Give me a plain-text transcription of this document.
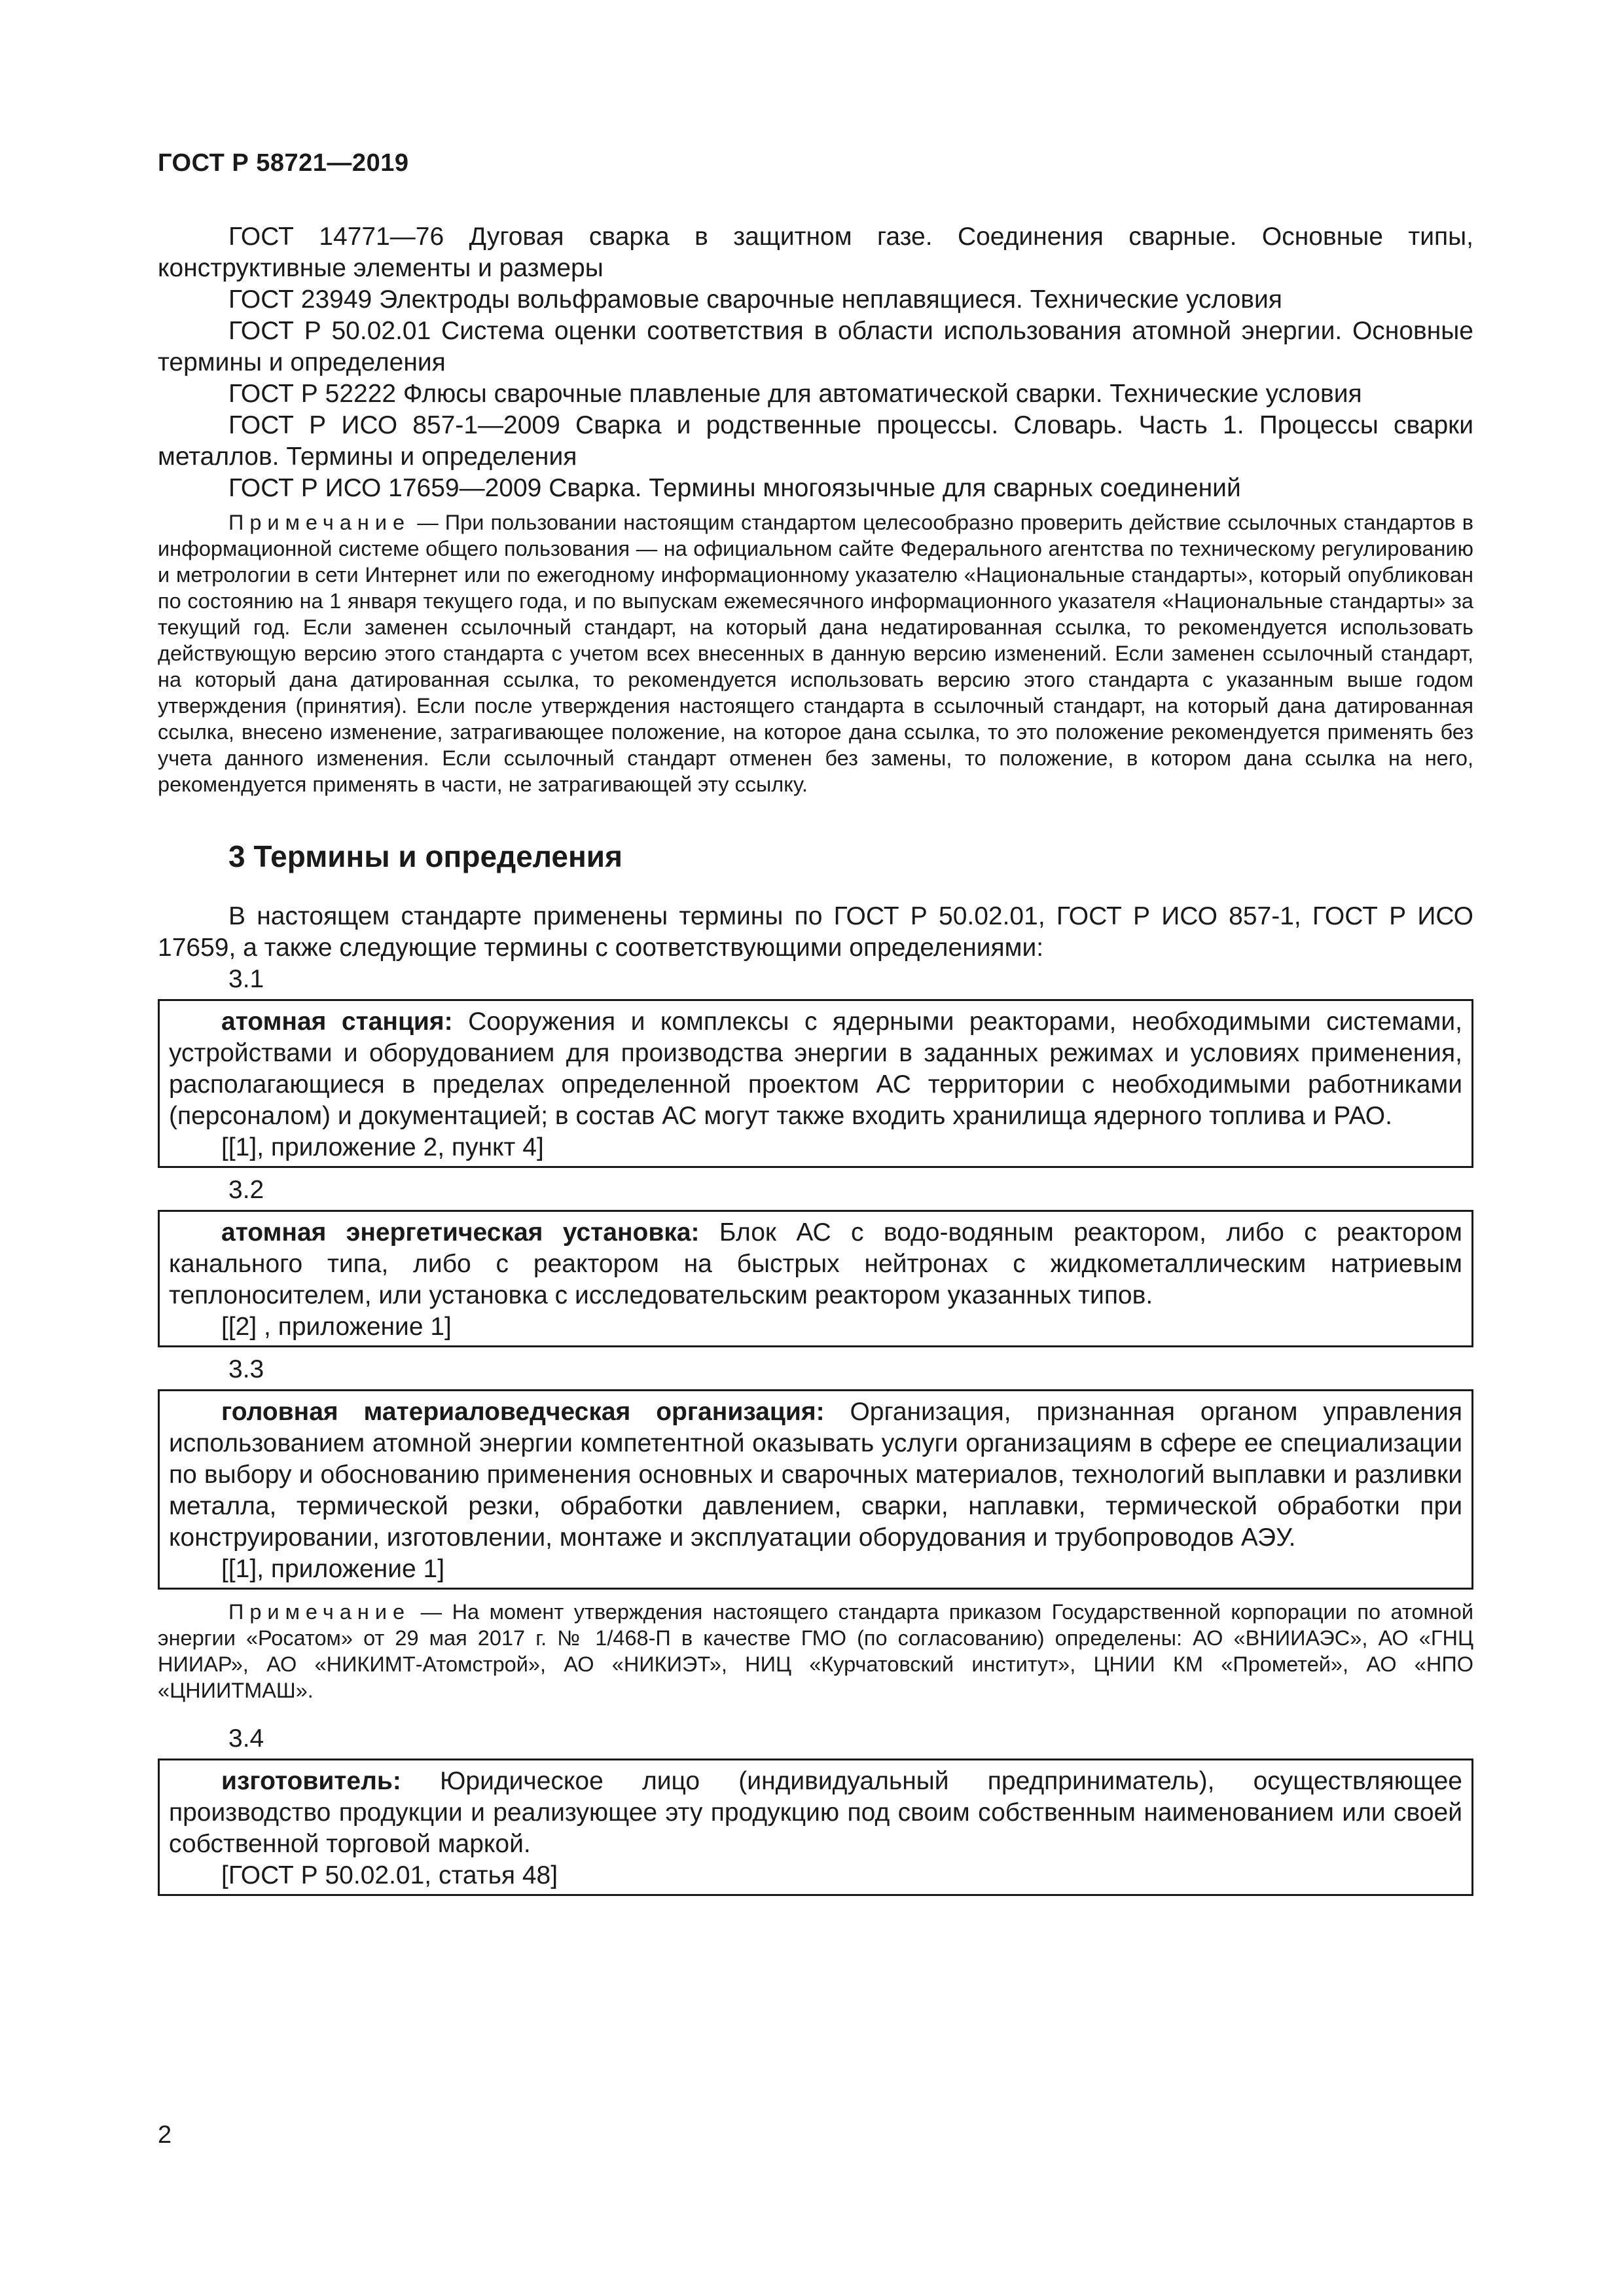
ГОСТ Р 58721—2019

ГОСТ 14771—76 Дуговая сварка в защитном газе. Соединения сварные. Основные типы, конструктивные элементы и размеры

ГОСТ 23949 Электроды вольфрамовые сварочные неплавящиеся. Технические условия

ГОСТ Р 50.02.01 Система оценки соответствия в области использования атомной энергии. Основные термины и определения

ГОСТ Р 52222 Флюсы сварочные плавленые для автоматической сварки. Технические условия

ГОСТ Р ИСО 857-1—2009 Сварка и родственные процессы. Словарь. Часть 1. Процессы сварки металлов. Термины и определения

ГОСТ Р ИСО 17659—2009 Сварка. Термины многоязычные для сварных соединений

Примечание — При пользовании настоящим стандартом целесообразно проверить действие ссылочных стандартов в информационной системе общего пользования — на официальном сайте Федерального агентства по техническому регулированию и метрологии в сети Интернет или по ежегодному информационному указателю «Национальные стандарты», который опубликован по состоянию на 1 января текущего года, и по выпускам ежемесячного информационного указателя «Национальные стандарты» за текущий год. Если заменен ссылочный стандарт, на который дана недатированная ссылка, то рекомендуется использовать действующую версию этого стандарта с учетом всех внесенных в данную версию изменений. Если заменен ссылочный стандарт, на который дана датированная ссылка, то рекомендуется использовать версию этого стандарта с указанным выше годом утверждения (принятия). Если после утверждения настоящего стандарта в ссылочный стандарт, на который дана датированная ссылка, внесено изменение, затрагивающее положение, на которое дана ссылка, то это положение рекомендуется применять без учета данного изменения. Если ссылочный стандарт отменен без замены, то положение, в котором дана ссылка на него, рекомендуется применять в части, не затрагивающей эту ссылку.

3 Термины и определения

В настоящем стандарте применены термины по ГОСТ Р 50.02.01, ГОСТ Р ИСО 857-1, ГОСТ Р ИСО 17659, а также следующие термины с соответствующими определениями:

3.1

атомная станция: Сооружения и комплексы с ядерными реакторами, необходимыми системами, устройствами и оборудованием для производства энергии в заданных режимах и условиях применения, располагающиеся в пределах определенной проектом АС территории с необходимыми работниками (персоналом) и документацией; в состав АС могут также входить хранилища ядерного топлива и РАО.

[[1], приложение 2, пункт 4]
3.2

атомная энергетическая установка: Блок АС с водо-водяным реактором, либо с реактором канального типа, либо с реактором на быстрых нейтронах с жидкометаллическим натриевым теплоносителем, или установка с исследовательским реактором указанных типов.

[[2] , приложение 1]
3.3

головная материаловедческая организация: Организация, признанная органом управления использованием атомной энергии компетентной оказывать услуги организациям в сфере ее специализации по выбору и обоснованию применения основных и сварочных материалов, технологий выплавки и разливки металла, термической резки, обработки давлением, сварки, наплавки, термической обработки при конструировании, изготовлении, монтаже и эксплуатации оборудования и трубопроводов АЭУ.

[[1], приложение 1]

Примечание — На момент утверждения настоящего стандарта приказом Государственной корпорации по атомной энергии «Росатом» от 29 мая 2017 г. № 1/468-П в качестве ГМО (по согласованию) определены: АО «ВНИИАЭС», АО «ГНЦ НИИАР», АО «НИКИМТ-Атомстрой», АО «НИКИЭТ», НИЦ «Курчатовский институт», ЦНИИ КМ «Прометей», АО «НПО «ЦНИИТМАШ».

3.4

изготовитель: Юридическое лицо (индивидуальный предприниматель), осуществляющее производство продукции и реализующее эту продукцию под своим собственным наименованием или своей собственной торговой маркой.

[ГОСТ Р 50.02.01, статья 48]
2
